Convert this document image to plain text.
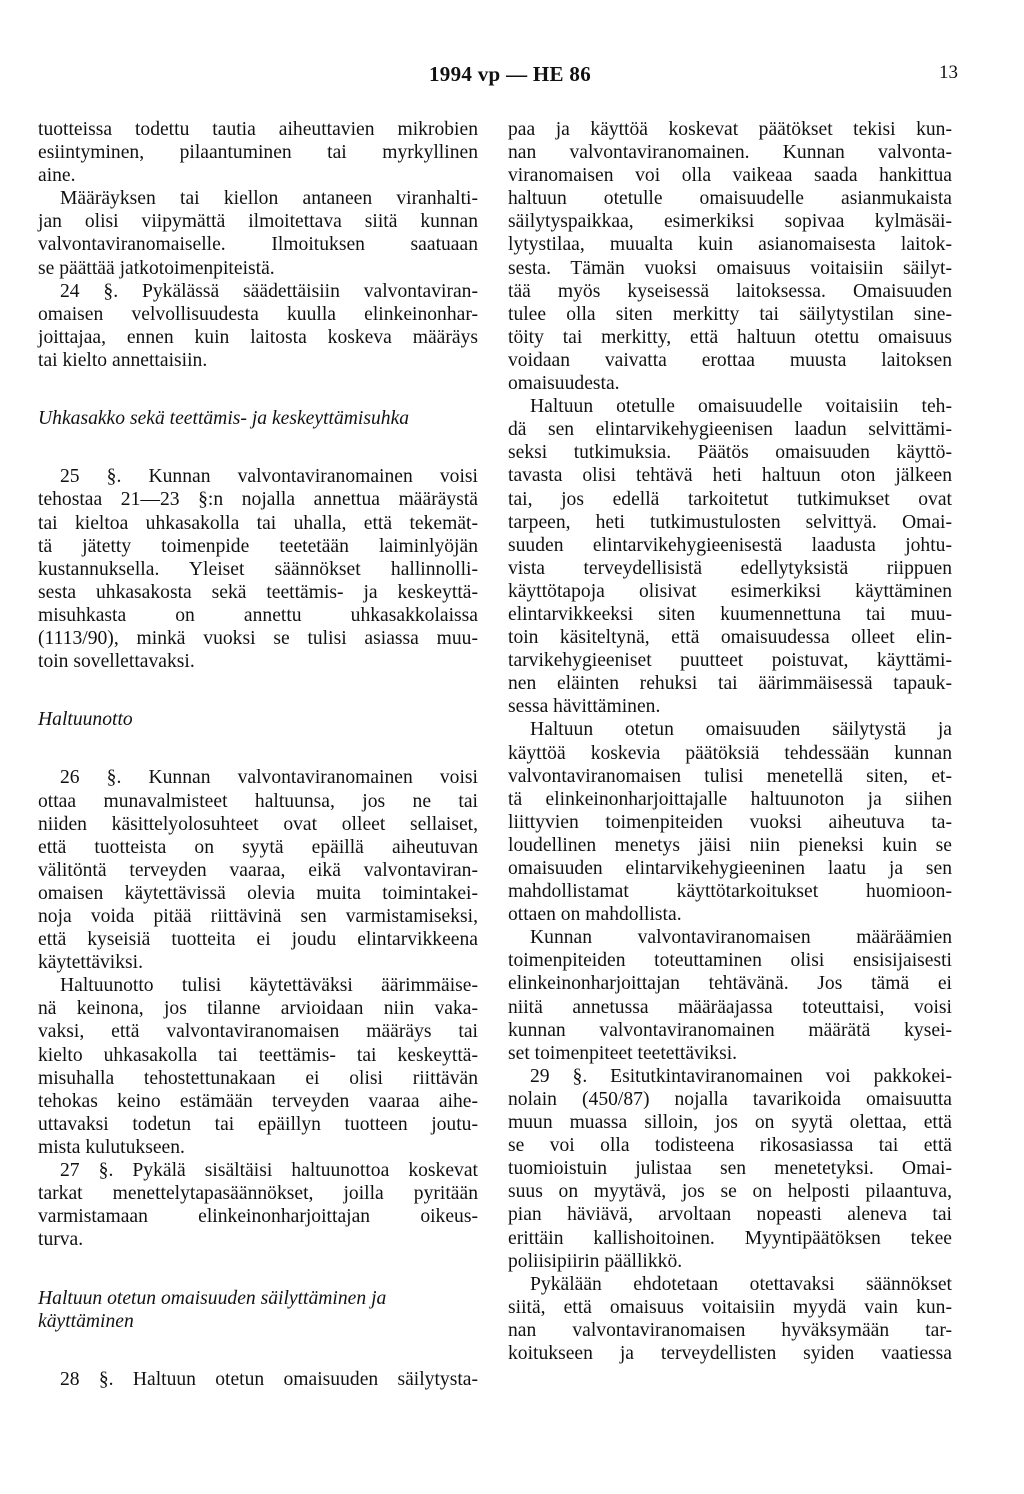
1994 vp — HE 86	13
tuotteissa todettu tautia aiheuttavien mikrobien
esiintyminen, pilaantuminen tai myrkyllinen
aine.
Määräyksen tai kiellon antaneen viranhalti-
jan olisi viipymättä ilmoitettava siitä kunnan
valvontaviranomaiselle. Ilmoituksen saatuaan
se päättää jatkotoimenpiteistä.
24 §. Pykälässä säädettäisiin valvontaviran-
omaisen velvollisuudesta kuulla elinkeinonhar-
joittajaa, ennen kuin laitosta koskeva määräys
tai kielto annettaisiin.
Uhkasakko sekä teettämis- ja keskeyttämisuhka
25 §. Kunnan valvontaviranomainen voisi
tehostaa 21—23 §:n nojalla annettua määräystä
tai kieltoa uhkasakolla tai uhalla, että tekemät-
tä jätetty toimenpide teetetään laiminlyöjän
kustannuksella. Yleiset säännökset hallinnolli-
sesta uhkasakosta sekä teettämis- ja keskeyttä-
misuhkasta on annettu uhkasakkolaissa
(1113/90), minkä vuoksi se tulisi asiassa muu-
toin sovellettavaksi.
Haltuunotto
26 §. Kunnan valvontaviranomainen voisi
ottaa munavalmisteet haltuunsa, jos ne tai
niiden käsittelyolosuhteet ovat olleet sellaiset,
että tuotteista on syytä epäillä aiheutuvan
välitöntä terveyden vaaraa, eikä valvontaviran-
omaisen käytettävissä olevia muita toimintakei-
noja voida pitää riittävinä sen varmistamiseksi,
että kyseisiä tuotteita ei joudu elintarvikkeena
käytettäviksi.
Haltuunotto tulisi käytettäväksi äärimmäise-
nä keinona, jos tilanne arvioidaan niin vaka-
vaksi, että valvontaviranomaisen määräys tai
kielto uhkasakolla tai teettämis- tai keskeyttä-
misuhalla tehostettunakaan ei olisi riittävän
tehokas keino estämään terveyden vaaraa aihe-
uttavaksi todetun tai epäillyn tuotteen joutu-
mista kulutukseen.
27 §. Pykälä sisältäisi haltuunottoa koskevat
tarkat menettelytapasäännökset, joilla pyritään
varmistamaan elinkeinonharjoittajan oikeus-
turva.
Haltuun otetun omaisuuden säilyttäminen ja
käyttäminen
28 §. Haltuun otetun omaisuuden säilytysta-
paa ja käyttöä koskevat päätökset tekisi kun-
nan valvontaviranomainen. Kunnan valvonta-
viranomaisen voi olla vaikeaa saada hankittua
haltuun otetulle omaisuudelle asianmukaista
säilytyspaikkaa, esimerkiksi sopivaa kylmäsäi-
lytystilaa, muualta kuin asianomaisesta laitok-
sesta. Tämän vuoksi omaisuus voitaisiin säilyt-
tää myös kyseisessä laitoksessa. Omaisuuden
tulee olla siten merkitty tai säilytystilan sine-
töity tai merkitty, että haltuun otettu omaisuus
voidaan vaivatta erottaa muusta laitoksen
omaisuudesta.
Haltuun otetulle omaisuudelle voitaisiin teh-
dä sen elintarvikehygieenisen laadun selvittämi-
seksi tutkimuksia. Päätös omaisuuden käyttö-
tavasta olisi tehtävä heti haltuun oton jälkeen
tai, jos edellä tarkoitetut tutkimukset ovat
tarpeen, heti tutkimustulosten selvittyä. Omai-
suuden elintarvikehygieenisestä laadusta johtu-
vista terveydellisistä edellytyksistä riippuen
käyttötapoja olisivat esimerkiksi käyttäminen
elintarvikkeeksi siten kuumennettuna tai muu-
toin käsiteltynä, että omaisuudessa olleet elin-
tarvikehygieeniset puutteet poistuvat, käyttämi-
nen eläinten rehuksi tai äärimmäisessä tapauk-
sessa hävittäminen.
Haltuun otetun omaisuuden säilytystä ja
käyttöä koskevia päätöksiä tehdessään kunnan
valvontaviranomaisen tulisi menetellä siten, et-
tä elinkeinonharjoittajalle haltuunoton ja siihen
liittyvien toimenpiteiden vuoksi aiheutuva ta-
loudellinen menetys jäisi niin pieneksi kuin se
omaisuuden elintarvikehygieeninen laatu ja sen
mahdollistamat käyttötarkoitukset huomioon-
ottaen on mahdollista.
Kunnan valvontaviranomaisen määräämien
toimenpiteiden toteuttaminen olisi ensisijaisesti
elinkeinonharjoittajan tehtävänä. Jos tämä ei
niitä annetussa määräajassa toteuttaisi, voisi
kunnan valvontaviranomainen määrätä kysei-
set toimenpiteet teetettäviksi.
29 §. Esitutkintaviranomainen voi pakkokei-
nolain (450/87) nojalla tavarikoida omaisuutta
muun muassa silloin, jos on syytä olettaa, että
se voi olla todisteena rikosasiassa tai että
tuomioistuin julistaa sen menetetyksi. Omai-
suus on myytävä, jos se on helposti pilaantuva,
pian häviävä, arvoltaan nopeasti aleneva tai
erittäin kallishoitoinen. Myyntipäätöksen tekee
poliisipiirin päällikkö.
Pykälään ehdotetaan otettavaksi säännökset
siitä, että omaisuus voitaisiin myydä vain kun-
nan valvontaviranomaisen hyväksymään tar-
koitukseen ja terveydellisten syiden vaatiessa
